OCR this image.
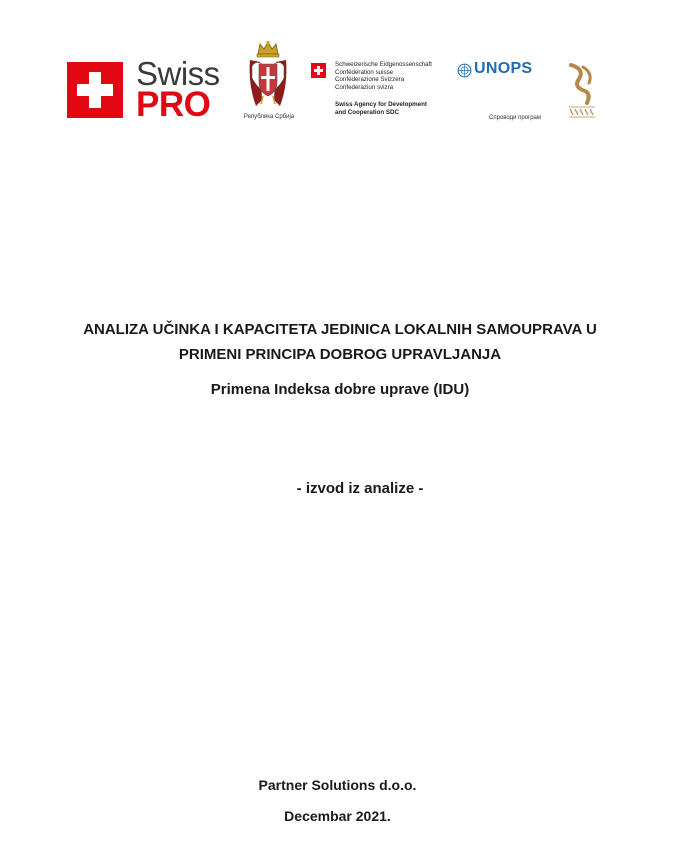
Swiss
PRO	Република Србија
Schweizerische Eidgenossenschaft
Confédération suisse
Confederazione Svizzera
Confederaziun svizra
Swiss Agency for Development
and Cooperation SDC
UNOPS
Спроводи програм
ANALIZA UČINKA I KAPACITETA JEDINICA LOKALNIH SAMOUPRAVA U
PRIMENI PRINCIPA DOBROG UPRAVLJANJA
Primena Indeksa dobre uprave (IDU)
- izvod iz analize -
Partner Solutions d.o.o.
Decembar 2021.
